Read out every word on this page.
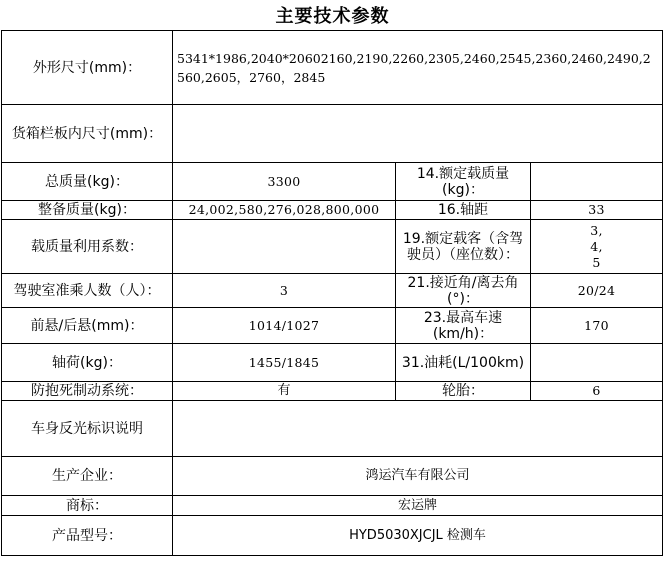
主要技术参数
外形尺寸(mm)：	5341*1986,2040*20602160,2190,2260,2305,2460,2545,2360,2460,2490,2560,2605，2760，2845		
货箱栏板内尺寸(mm)：			
总质量(kg)：	3300	14.额定载质量(kg)：	
整备质量(kg)：	24,002,580,276,028,800,000	16.轴距	33
载质量利用系数：		19.额定载客（含驾驶员）（座位数）：	3,
4,
5

驾驶室准乘人数（人）：	3	21.接近角/离去角(°)：	20/24
前悬/后悬(mm)：	1014/1027	23.最高车速(km/h)：	170
轴荷(kg)：	1455/1845	31.油耗(L/100km)	
防抱死制动系统：	有	轮胎：	6
车身反光标识说明			
生产企业：	鸿运汽车有限公司		
商标：	宏运牌		
产品型号：	HYD5030XJCJL 检测车		
